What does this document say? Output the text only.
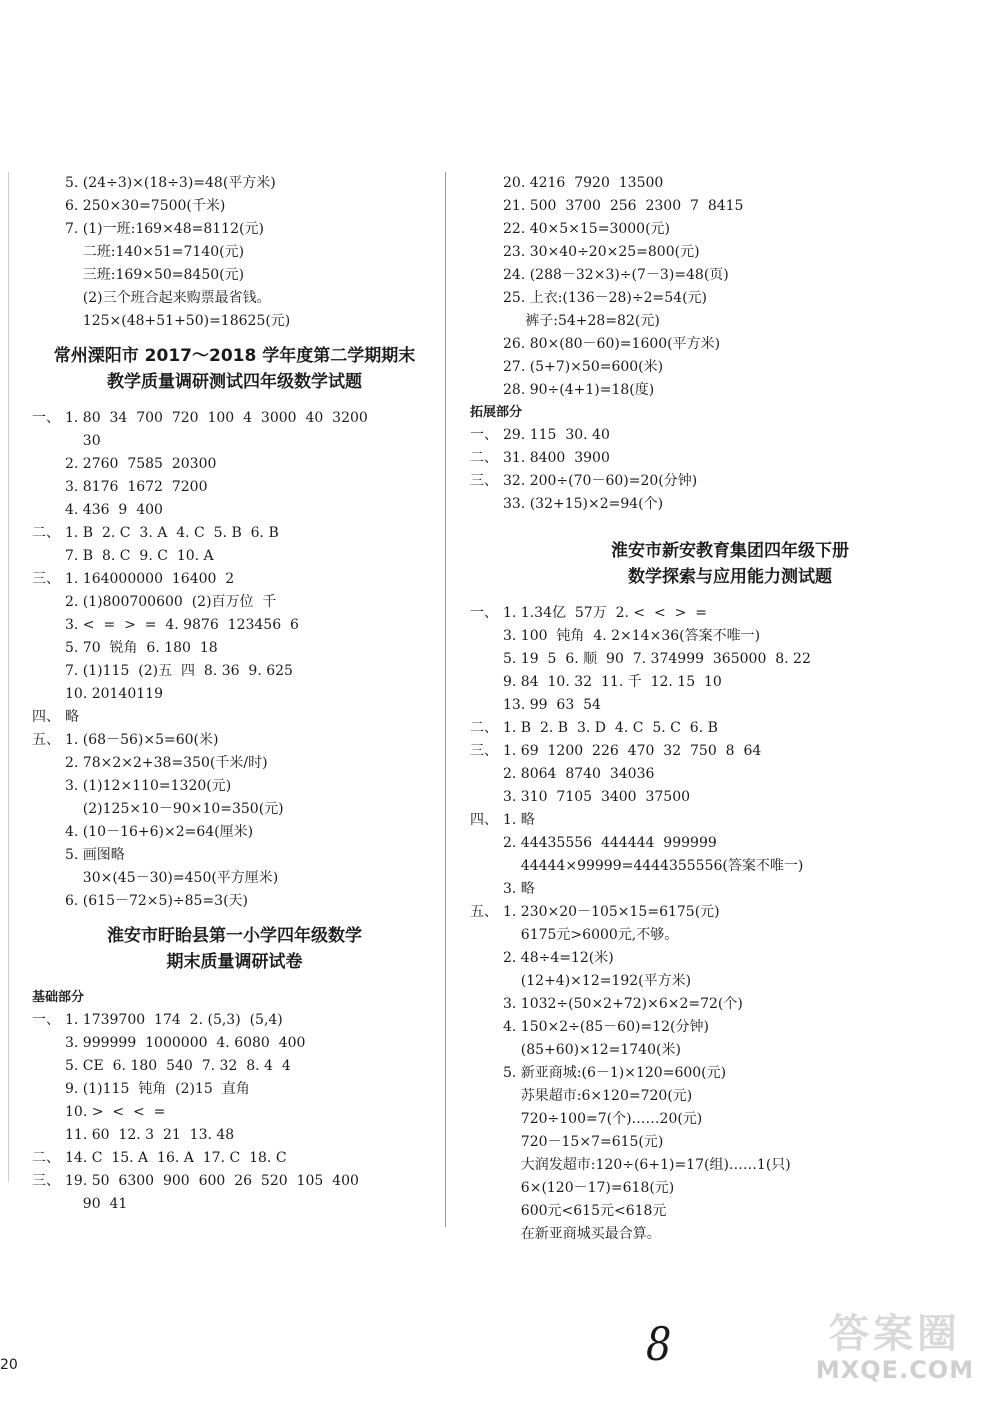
5. (24÷3)×(18÷3)=48(平方米)
6. 250×30=7500(千米)
7. (1)一班:169×48=8112(元)
二班:140×51=7140(元)
三班:169×50=8450(元)
(2)三个班合起来购票最省钱。
125×(48+51+50)=18625(元)
常州溧阳市 2017～2018 学年度第二学期期末
教学质量调研测试四年级数学试题
一、 1. 80  34  700  720  100  4  3000  40  3200
30
2. 2760  7585  20300
3. 8176  1672  7200
4. 436  9  400
二、 1. B  2. C  3. A  4. C  5. B  6. B
7. B  8. C  9. C  10. A
三、 1. 164000000  16400  2
2. (1)800700600  (2)百万位  千
3. <  =  >  =  4. 9876  123456  6
5. 70  锐角  6. 180  18
7. (1)115  (2)五  四  8. 36  9. 625
10. 20140119
四、 略
五、 1. (68－56)×5=60(米)
2. 78×2×2+38=350(千米/时)
3. (1)12×110=1320(元)
(2)125×10－90×10=350(元)
4. (10－16+6)×2=64(厘米)
5. 画图略
30×(45－30)=450(平方厘米)
6. (615－72×5)÷85=3(天)
淮安市盱眙县第一小学四年级数学
期末质量调研试卷
基础部分
一、 1. 1739700  174  2. (5,3)  (5,4)
3. 999999  1000000  4. 6080  400
5. CE  6. 180  540  7. 32  8. 4  4
9. (1)115  钝角  (2)15  直角
10. >  <  <  =
11. 60  12. 3  21  13. 48
二、 14. C  15. A  16. A  17. C  18. C
三、 19. 50  6300  900  600  26  520  105  400
90  41
20. 4216  7920  13500
21. 500  3700  256  2300  7  8415
22. 40×5×15=3000(元)
23. 30×40÷20×25=800(元)
24. (288－32×3)÷(7－3)=48(页)
25. 上衣:(136－28)÷2=54(元)
裤子:54+28=82(元)
26. 80×(80－60)=1600(平方米)
27. (5+7)×50=600(米)
28. 90÷(4+1)=18(度)
拓展部分
一、 29. 115  30. 40
二、 31. 8400  3900
三、 32. 200÷(70－60)=20(分钟)
33. (32+15)×2=94(个)
淮安市新安教育集团四年级下册
数学探索与应用能力测试题
一、 1. 1.34亿  57万  2. <  <  >  =
3. 100  钝角  4. 2×14×36(答案不唯一)
5. 19  5  6. 顺  90  7. 374999  365000  8. 22
9. 84  10. 32  11. 千  12. 15  10
13. 99  63  54
二、 1. B  2. B  3. D  4. C  5. C  6. B
三、 1. 69  1200  226  470  32  750  8  64
2. 8064  8740  34036
3. 310  7105  3400  37500
四、 1. 略
2. 44435556  444444  999999
44444×99999=4444355556(答案不唯一)
3. 略
五、 1. 230×20－105×15=6175(元)
6175元>6000元,不够。
2. 48÷4=12(米)
(12+4)×12=192(平方米)
3. 1032÷(50×2+72)×6×2=72(个)
4. 150×2÷(85－60)=12(分钟)
(85+60)×12=1740(米)
5. 新亚商城:(6－1)×120=600(元)
苏果超市:6×120=720(元)
720÷100=7(个)……20(元)
720－15×7=615(元)
大润发超市:120÷(6+1)=17(组)……1(只)
6×(120－17)=618(元)
600元<615元<618元
在新亚商城买最合算。
20	8	答案圈
MXQE.COM
